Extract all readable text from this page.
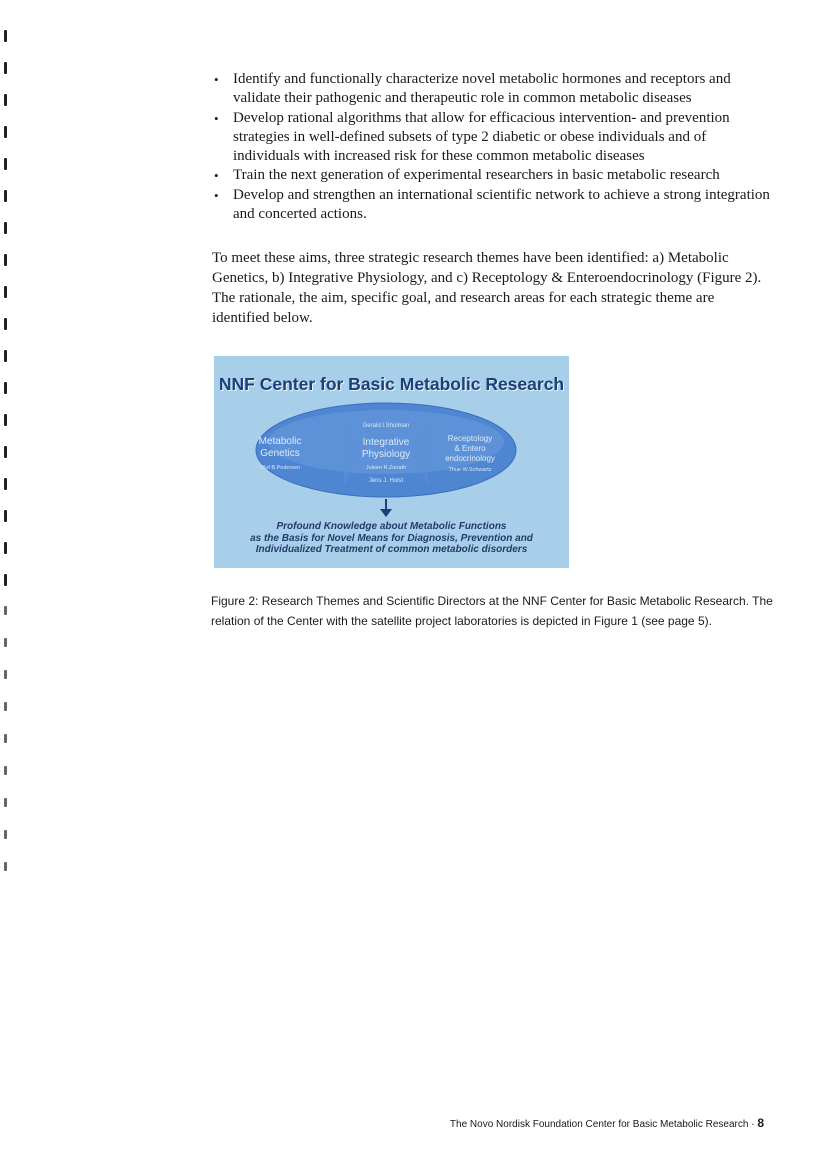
• Identify and functionally characterize novel metabolic hormones and receptors and validate their pathogenic and therapeutic role in common metabolic diseases
• Develop rational algorithms that allow for efficacious intervention- and prevention strategies in well-defined subsets of type 2 diabetic or obese individuals and of individuals with increased risk for these common metabolic diseases
• Train the next generation of experimental researchers in basic metabolic research
• Develop and strengthen an international scientific network to achieve a strong integration and concerted actions.

To meet these aims, three strategic research themes have been identified: a) Metabolic Genetics, b) Integrative Physiology, and c) Receptology & Enteroendocrinology (Figure 2). The rationale, the aim, specific goal, and research areas for each strategic theme are identified below.

NNF Center for Basic Metabolic Research
Gerald I.Shulman
Jens J. Holst
Metabolic
Genetics
Oluf B.Pedersen
Integrative
Physiology
Juleen R.Zierath
Receptology
& Entero
endocrinology
Thue W.Schwartz
Profound Knowledge about Metabolic Functions
as the Basis for Novel Means for Diagnosis, Prevention and
Individualized Treatment of common metabolic disorders

Figure 2: Research Themes and Scientific Directors at the NNF Center for Basic Metabolic Research. The relation of the Center with the satellite project laboratories is depicted in Figure 1 (see page 5).

The Novo Nordisk Foundation Center for Basic Metabolic Research · 8
